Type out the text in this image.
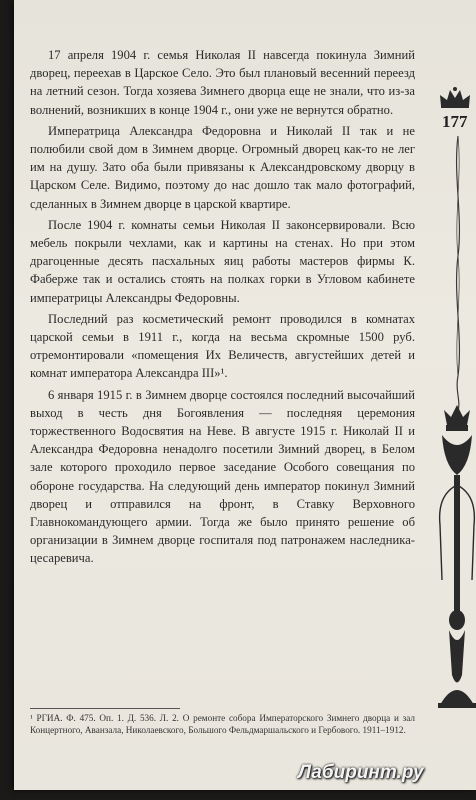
17 апреля 1904 г. семья Николая II навсегда покинула Зимний дворец, переехав в Царское Село. Это был плановый весенний переезд на летний сезон. Тогда хозяева Зимнего дворца еще не знали, что из-за волнений, возникших в конце 1904 г., они уже не вернутся обратно.

Императрица Александра Федоровна и Николай II так и не полюбили свой дом в Зимнем дворце. Огромный дворец как-то не лег им на душу. Зато оба были привязаны к Александровскому дворцу в Царском Селе. Видимо, поэтому до нас дошло так мало фотографий, сделанных в Зимнем дворце в царской квартире.

После 1904 г. комнаты семьи Николая II законсервировали. Всю мебель покрыли чехлами, как и картины на стенах. Но при этом драгоценные десять пасхальных яиц работы мастеров фирмы К. Фаберже так и остались стоять на полках горки в Угловом кабинете императрицы Александры Федоровны.

Последний раз косметический ремонт проводился в комнатах царской семьи в 1911 г., когда на весьма скромные 1500 руб. отремонтировали «помещения Их Величеств, августейших детей и комнат императора Александра III»¹.

6 января 1915 г. в Зимнем дворце состоялся последний высочайший выход в честь дня Богоявления — последняя церемония торжественного Водосвятия на Неве. В августе 1915 г. Николай II и Александра Федоровна ненадолго посетили Зимний дворец, в Белом зале которого проходило первое заседание Особого совещания по обороне государства. На следующий день император покинул Зимний дворец и отправился на фронт, в Ставку Верховного Главнокомандующего армии. Тогда же было принято решение об организации в Зимнем дворце госпиталя под патронажем наследника-цесаревича.

¹ РГИА. Ф. 475. Оп. 1. Д. 536. Л. 2. О ремонте собора Императорского Зимнего дворца и зал Концертного, Аванзала, Николаевского, Большого Фельдмаршальского и Гербового. 1911–1912.
177
Лабиринт.ру
